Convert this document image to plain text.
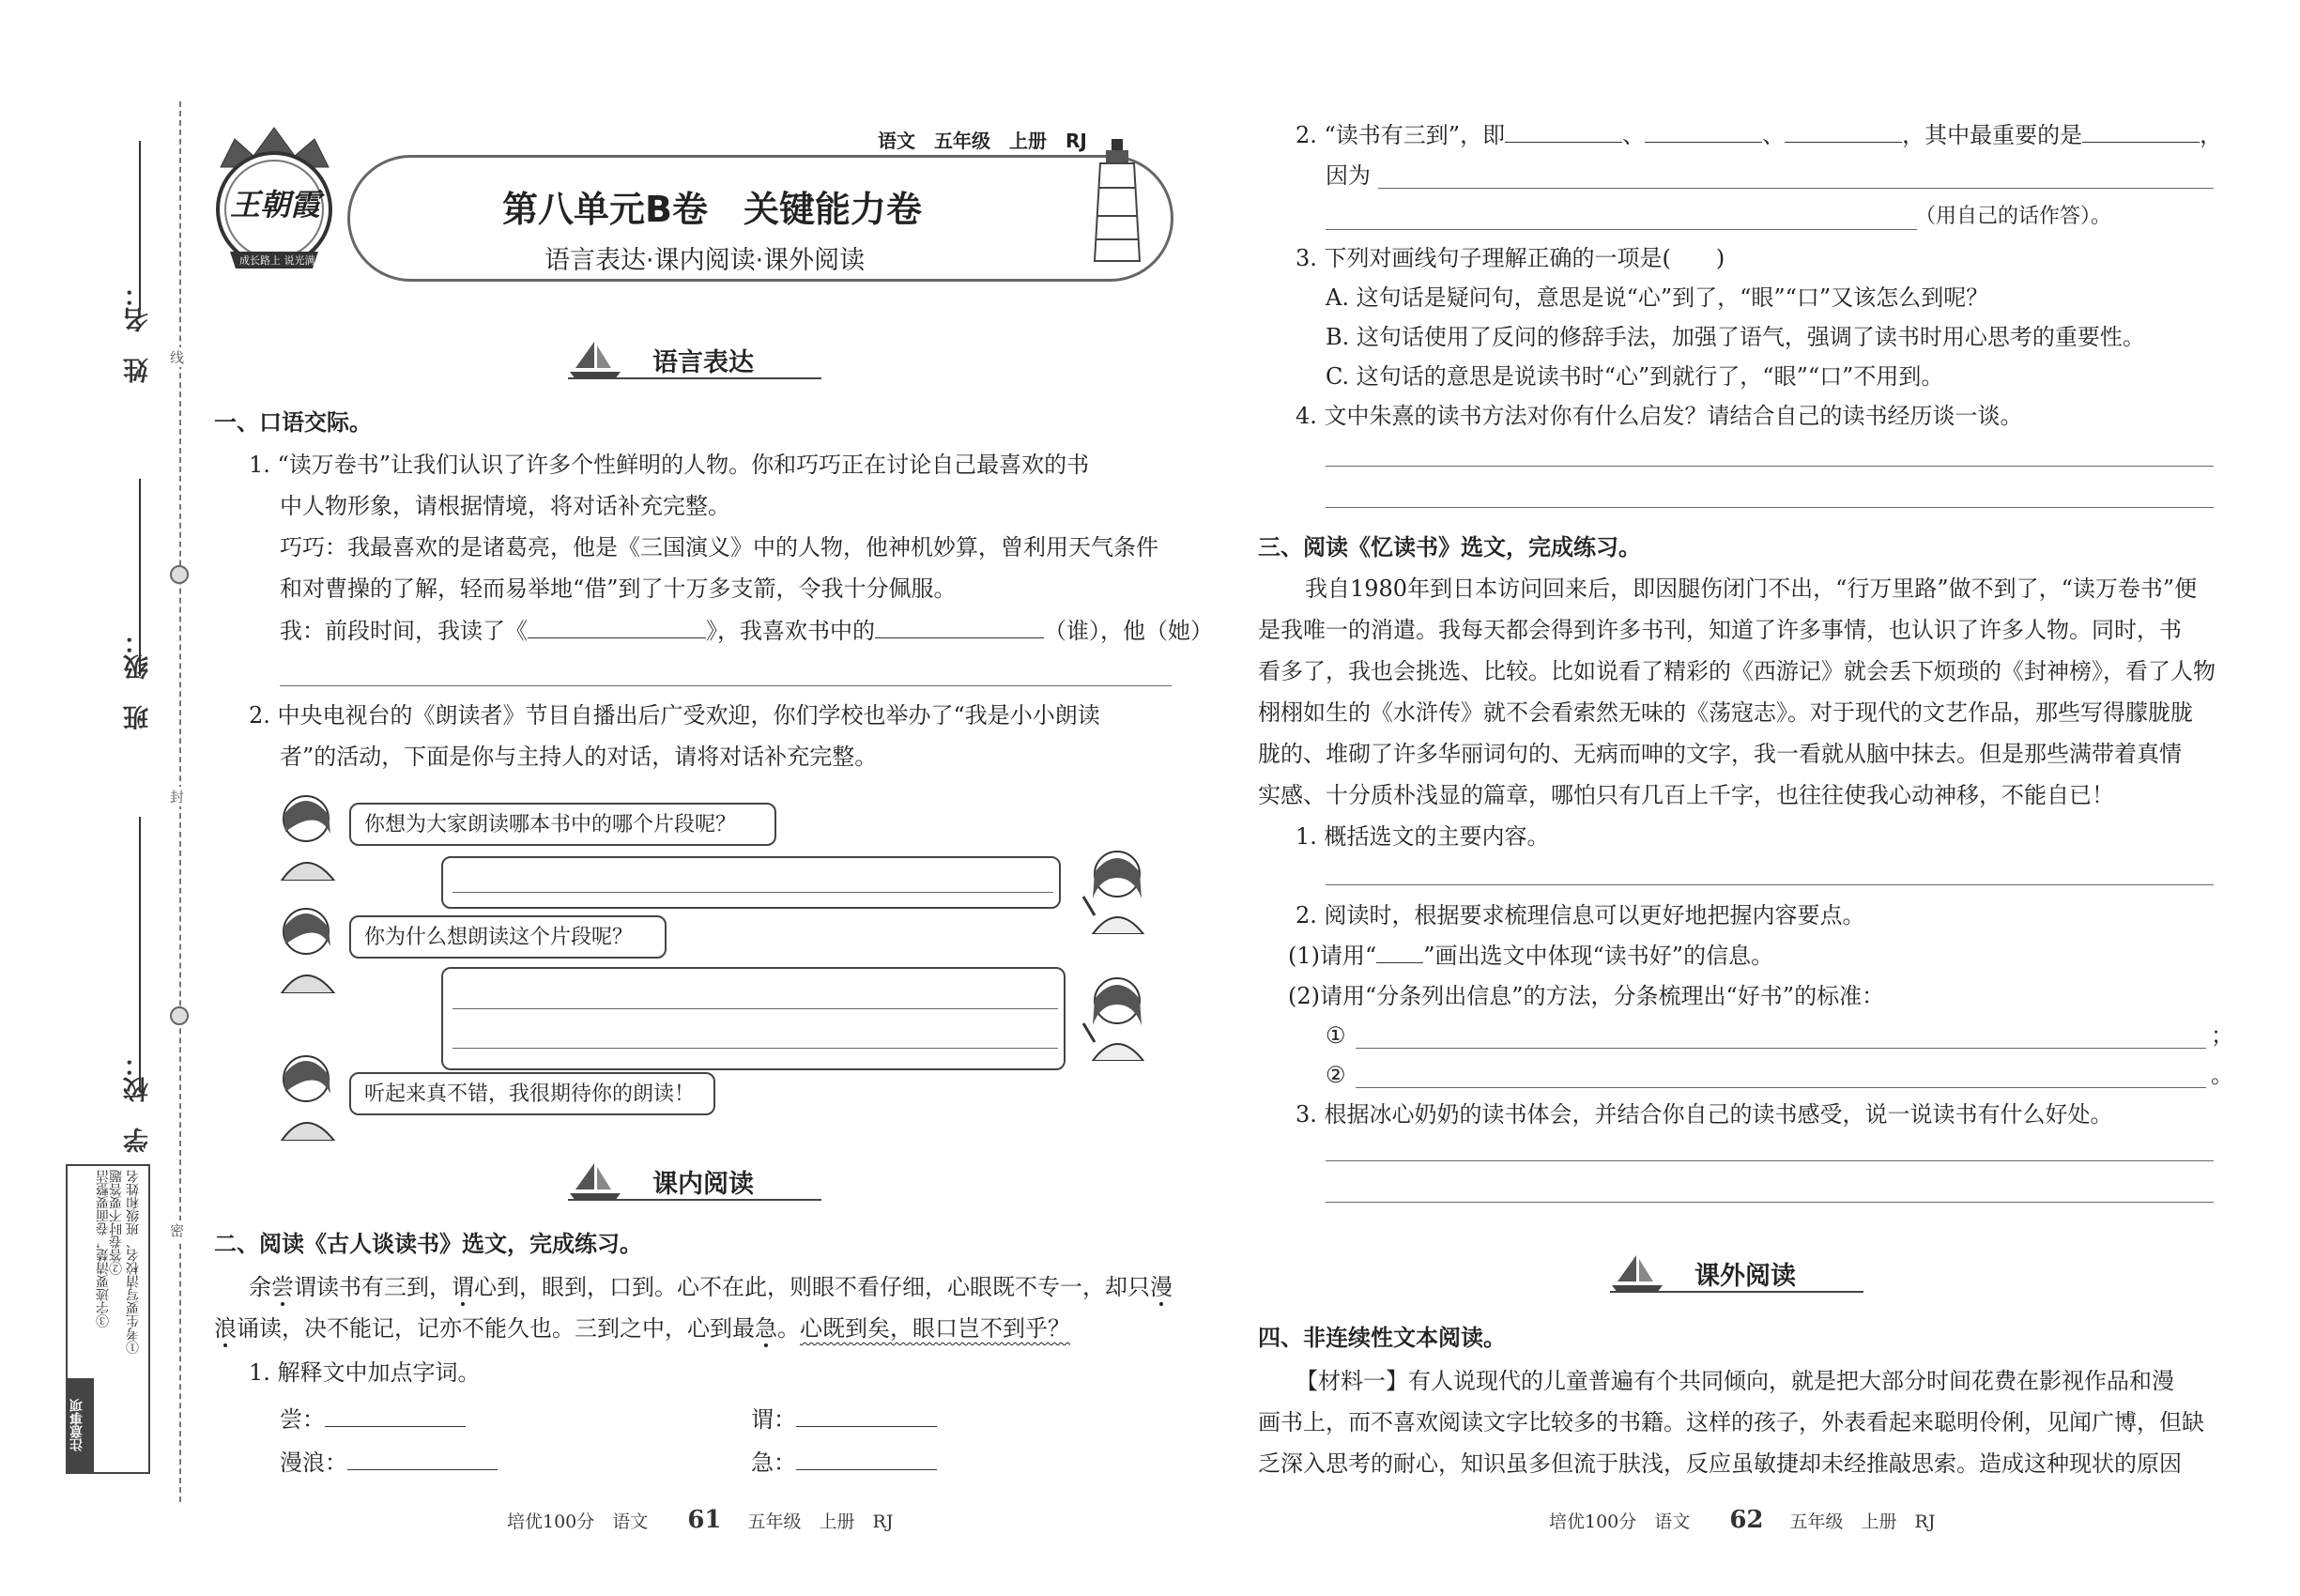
线
封
密
姓　名：
班　级：
学　校：
注意事项
①考生要写清校名、班级和姓名
②答卷时不要答题
③字迹要清楚，卷面要整洁
王朝霞
成长路上 说光满天
语文　五年级　上册　RJ
第八单元B卷　关键能力卷
语言表达·课内阅读·课外阅读
语言表达
一、口语交际。
1. “读万卷书”让我们认识了许多个性鲜明的人物。你和巧巧正在讨论自己最喜欢的书
中人物形象，请根据情境，将对话补充完整。
巧巧：我最喜欢的是诸葛亮，他是《三国演义》中的人物，他神机妙算，曾利用天气条件
和对曹操的了解，轻而易举地“借”到了十万多支箭，令我十分佩服。
我：前段时间，我读了《	》，我喜欢书中的	（谁），他（她）
2. 中央电视台的《朗读者》节目自播出后广受欢迎，你们学校也举办了“我是小小朗读
者”的活动，下面是你与主持人的对话，请将对话补充完整。
你想为大家朗读哪本书中的哪个片段呢？
你为什么想朗读这个片段呢？
听起来真不错，我很期待你的朗读！
课内阅读
二、阅读《古人谈读书》选文，完成练习。
余尝谓读书有三到，谓心到，眼到，口到。心不在此，则眼不看仔细，心眼既不专一，却只漫
浪诵读，决不能记，记亦不能久也。三到之中，心到最急。心既到矣，眼口岂不到乎？
1. 解释文中加点字词。
尝：	谓：
漫浪：	急：
培优100分　语文 61 五年级　上册　RJ
2. “读书有三到”，即	、	、	，其中最重要的是	，
因为
（用自己的话作答）。
3. 下列对画线句子理解正确的一项是(　　)
A. 这句话是疑问句，意思是说“心”到了，“眼”“口”又该怎么到呢？
B. 这句话使用了反问的修辞手法，加强了语气，强调了读书时用心思考的重要性。
C. 这句话的意思是说读书时“心”到就行了，“眼”“口”不用到。
4. 文中朱熹的读书方法对你有什么启发？请结合自己的读书经历谈一谈。
三、阅读《忆读书》选文，完成练习。
我自1980年到日本访问回来后，即因腿伤闭门不出，“行万里路”做不到了，“读万卷书”便
是我唯一的消遣。我每天都会得到许多书刊，知道了许多事情，也认识了许多人物。同时，书
看多了，我也会挑选、比较。比如说看了精彩的《西游记》就会丢下烦琐的《封神榜》，看了人物
栩栩如生的《水浒传》就不会看索然无味的《荡寇志》。对于现代的文艺作品，那些写得朦胧胧
胧的、堆砌了许多华丽词句的、无病而呻的文字，我一看就从脑中抹去。但是那些满带着真情
实感、十分质朴浅显的篇章，哪怕只有几百上千字，也往往使我心动神移，不能自已！
1. 概括选文的主要内容。
2. 阅读时，根据要求梳理信息可以更好地把握内容要点。
(1)请用“ ”画出选文中体现“读书好”的信息。
(2)请用“分条列出信息”的方法，分条梳理出“好书”的标准：
①	；
②	。
3. 根据冰心奶奶的读书体会，并结合你自己的读书感受，说一说读书有什么好处。
课外阅读
四、非连续性文本阅读。
【材料一】有人说现代的儿童普遍有个共同倾向，就是把大部分时间花费在影视作品和漫
画书上，而不喜欢阅读文字比较多的书籍。这样的孩子，外表看起来聪明伶俐，见闻广博，但缺
乏深入思考的耐心，知识虽多但流于肤浅，反应虽敏捷却未经推敲思索。造成这种现状的原因
培优100分　语文 62 五年级　上册　RJ
